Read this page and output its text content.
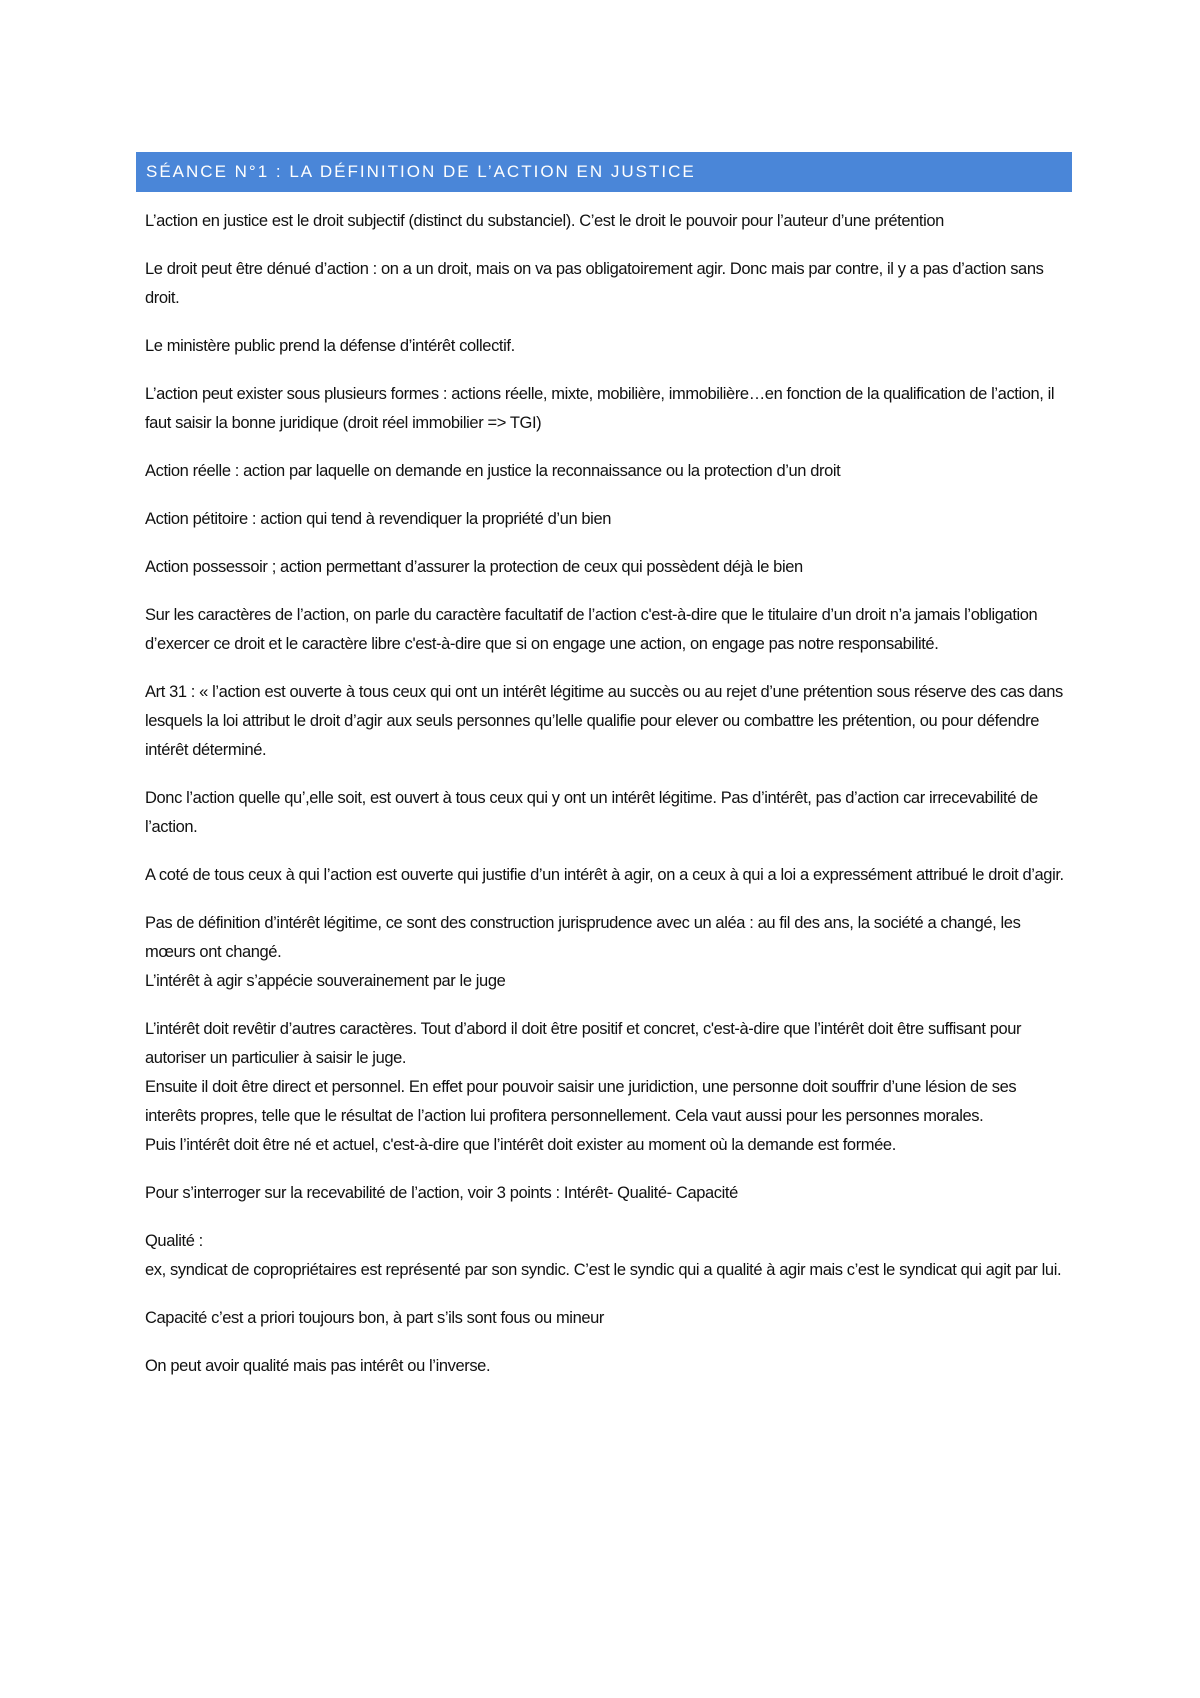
SÉANCE N°1 : LA DÉFINITION DE L’ACTION EN JUSTICE

L’action en justice est le droit subjectif (distinct du substanciel). C’est le droit le pouvoir pour l’auteur d’une prétention

Le droit peut être dénué d’action : on a un droit, mais on va pas obligatoirement agir. Donc mais par contre, il y a pas d’action sans droit.

Le ministère public prend la défense d’intérêt collectif.

L’action peut exister sous plusieurs formes : actions réelle, mixte, mobilière, immobilière…en fonction de la qualification de l’action, il faut saisir la bonne juridique (droit réel immobilier => TGI)

Action réelle : action par laquelle on demande en justice la reconnaissance ou la protection d’un droit

Action pétitoire : action qui tend à revendiquer la propriété d’un bien

Action possessoir ; action permettant d’assurer la protection de ceux qui possèdent déjà le bien

Sur les caractères de l’action, on parle du caractère facultatif de l’action c'est-à-dire que le titulaire d’un droit n’a jamais l’obligation d’exercer ce droit et le caractère libre c'est-à-dire que si on engage une action, on engage pas notre responsabilité.

Art 31 : « l’action est ouverte à tous ceux qui ont un intérêt légitime au succès ou au rejet d’une prétention sous réserve des cas dans lesquels la loi attribut le droit d’agir aux seuls personnes qu’lelle qualifie pour elever ou combattre les prétention, ou pour défendre intérêt déterminé.

Donc l’action quelle qu’,elle soit, est ouvert à tous ceux qui y ont un intérêt légitime. Pas d’intérêt, pas d’action car irrecevabilité de l’action.

A coté de tous ceux à qui l’action est ouverte qui justifie d’un intérêt à agir, on a ceux à qui a loi a expressément attribué le droit d’agir.

Pas de définition d’intérêt légitime, ce sont des construction jurisprudence avec un aléa : au fil des ans, la société a changé, les mœurs ont changé.
L’intérêt à agir s’appécie souverainement par le juge

L’intérêt doit revêtir d’autres caractères. Tout d’abord il doit être positif et concret, c'est-à-dire que l’intérêt doit être suffisant pour autoriser un particulier à saisir le juge.
Ensuite il doit être direct et personnel. En effet pour pouvoir saisir une juridiction, une personne doit souffrir d’une lésion de ses interêts propres, telle que le résultat de l’action lui profitera personnellement. Cela vaut aussi pour les personnes morales.
Puis l’intérêt doit être né et actuel, c'est-à-dire que l’intérêt doit exister au moment où la demande est formée.

Pour s’interroger sur la recevabilité de l’action, voir 3 points : Intérêt- Qualité- Capacité

Qualité :
ex, syndicat de copropriétaires est représenté par son syndic. C’est le syndic qui a qualité à agir mais c’est le syndicat qui agit par lui.

Capacité c’est a priori toujours bon, à part s’ils sont fous ou mineur

On peut avoir qualité mais pas intérêt ou l’inverse.
